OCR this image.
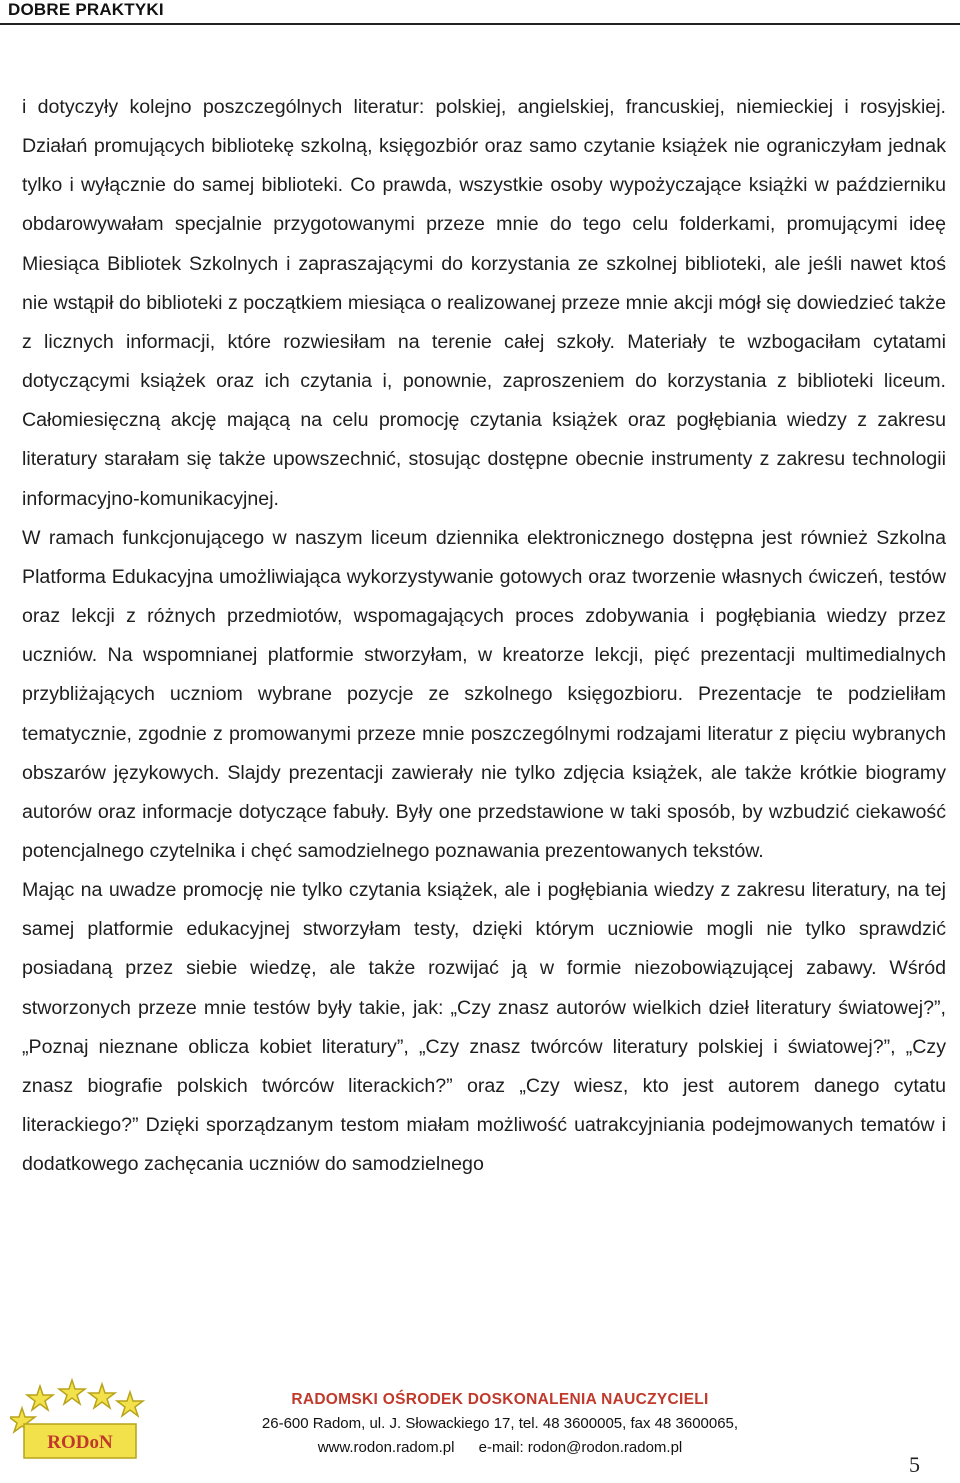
DOBRE PRAKTYKI

i dotyczyły kolejno poszczególnych literatur: polskiej, angielskiej, francuskiej, niemieckiej i rosyjskiej. Działań promujących bibliotekę szkolną, księgozbiór oraz samo czytanie książek nie ograniczyłam jednak tylko i wyłącznie do samej biblioteki. Co prawda, wszystkie osoby wypożyczające książki w październiku obdarowywałam specjalnie przygotowanymi przeze mnie do tego celu folderkami, promującymi ideę Miesiąca Bibliotek Szkolnych i zapraszającymi do korzystania ze szkolnej biblioteki, ale jeśli nawet ktoś nie wstąpił do biblioteki z początkiem miesiąca o realizowanej przeze mnie akcji mógł się dowiedzieć także z licznych informacji, które rozwiesiłam na terenie całej szkoły. Materiały te wzbogaciłam cytatami dotyczącymi książek oraz ich czytania i, ponownie, zaproszeniem do korzystania z biblioteki liceum. Całomiesięczną akcję mającą na celu promocję czytania książek oraz pogłębiania wiedzy z zakresu literatury starałam się także upowszechnić, stosując dostępne obecnie instrumenty z zakresu technologii informacyjno-komunikacyjnej.

W ramach funkcjonującego w naszym liceum dziennika elektronicznego dostępna jest również Szkolna Platforma Edukacyjna umożliwiająca wykorzystywanie gotowych oraz tworzenie własnych ćwiczeń, testów oraz lekcji z różnych przedmiotów, wspomagających proces zdobywania i pogłębiania wiedzy przez uczniów. Na wspomnianej platformie stworzyłam, w kreatorze lekcji, pięć prezentacji multimedialnych przybliżających uczniom wybrane pozycje ze szkolnego księgozbioru. Prezentacje te podzieliłam tematycznie, zgodnie z promowanymi przeze mnie poszczególnymi rodzajami literatur z pięciu wybranych obszarów językowych. Slajdy prezentacji zawierały nie tylko zdjęcia książek, ale także krótkie biogramy autorów oraz informacje dotyczące fabuły. Były one przedstawione w taki sposób, by wzbudzić ciekawość potencjalnego czytelnika i chęć samodzielnego poznawania prezentowanych tekstów.

Mając na uwadze promocję nie tylko czytania książek, ale i pogłębiania wiedzy z zakresu literatury, na tej samej platformie edukacyjnej stworzyłam testy, dzięki którym uczniowie mogli nie tylko sprawdzić posiadaną przez siebie wiedzę, ale także rozwijać ją w formie niezobowiązującej zabawy. Wśród stworzonych przeze mnie testów były takie, jak: „Czy znasz autorów wielkich dzieł literatury światowej?”, „Poznaj nieznane oblicza kobiet literatury”, „Czy znasz twórców literatury polskiej i światowej?”, „Czy znasz biografie polskich twórców literackich?” oraz „Czy wiesz, kto jest autorem danego cytatu literackiego?” Dzięki sporządzanym testom miałam możliwość uatrakcyjniania podejmowanych tematów i dodatkowego zachęcania uczniów do samodzielnego

RODoN
RADOMSKI OŚRODEK DOSKONALENIA NAUCZYCIELI
26-600 Radom, ul. J. Słowackiego 17, tel. 48 3600005, fax 48 3600065,
www.rodon.radom.pl e-mail: rodon@rodon.radom.pl
5
